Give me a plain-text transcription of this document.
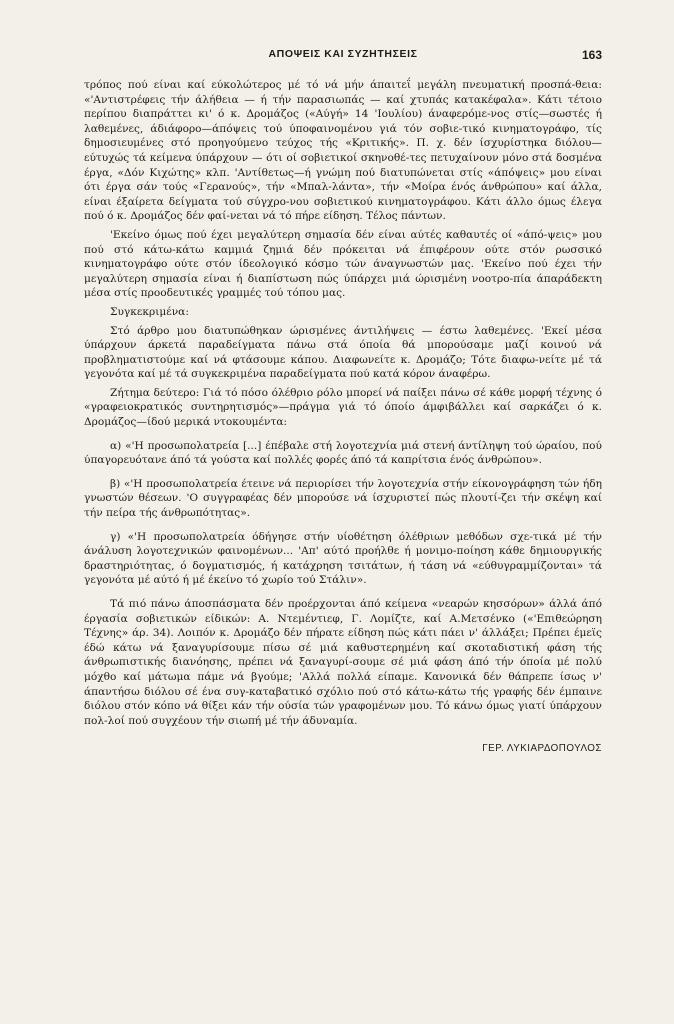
ΑΠΟΨΕΙΣ ΚΑΙ ΣΥΖΗΤΗΣΕΙΣ	163

τρόπος πού είναι καί εύκολώτερος μέ τό νά μήν άπαιτεΐ μεγάλη πνευματική προσπά-θεια: «'Αντιστρέφεις τήν άλήθεια — ή τήν παρασιωπάς — καί χτυπάς κατακέφαλα». Κάτι τέτοιο περίπου διαπράττει κι' ό κ. Δρομάζος («Αύγή» 14 'Ιουλίου) άναφερόμε-νος στίς—σωστές ή λαθεμένες, άδιάφορο—άπόψεις τού ύποφαινομένου γιά τόν σοβιε-τικό κινηματογράφο, τίς δημοσιευμένες στό προηγούμενο τεύχος τής «Κριτικής». Π. χ. δέν ίσχυρίστηκα διόλου—εύτυχώς τά κείμενα ύπάρχουν — ότι οί σοβιετικοί σκηνοθέ-τες πετυχαίνουν μόνο στά δοσμένα έργα, «Δόν Κιχώτης» κλπ. 'Αντίθετως—ή γνώμη πού διατυπώνεται στίς «άπόψεις» μου είναι ότι έργα σάν τούς «Γερανούς», τήν «Μπαλ-λάντα», τήν «Μοίρα ένός άνθρώπου» καί άλλα, είναι έξαίρετα δείγματα τού σύγχρο-νου σοβιετικού κινηματογράφου. Κάτι άλλο όμως έλεγα πού ό κ. Δρομάζος δέν φαί-νεται νά τό πήρε είδηση. Τέλος πάντων.

'Εκείνο όμως πού έχει μεγαλύτερη σημασία δέν είναι αύτές καθαυτές οί «άπό-ψεις» μου πού στό κάτω-κάτω καμμιά ζημιά δέν πρόκειται νά έπιφέρουν ούτε στόν ρωσσικό κινηματογράφο ούτε στόν ίδεολογικό κόσμο τών άναγνωστών μας. 'Εκείνο πού έχει τήν μεγαλύτερη σημασία είναι ή διαπίστωση πώς ύπάρχει μιά ώρισμένη νοοτρο-πία άπαράδεκτη μέσα στίς προοδευτικές γραμμές τού τόπου μας.

Συγκεκριμένα:

Στό άρθρο μου διατυπώθηκαν ώρισμένες άντιλήψεις — έστω λαθεμένες. 'Εκεί μέσα ύπάρχουν άρκετά παραδείγματα πάνω στά όποία θά μπορούσαμε μαζί κοινού νά προβληματιστούμε καί νά φτάσουμε κάπου. Διαφωνείτε κ. Δρομάζο; Τότε διαφω-νείτε μέ τά γεγονότα καί μέ τά συγκεκριμένα παραδείγματα πού κατά κόρον άναφέρω.

Ζήτημα δεύτερο: Γιά τό πόσο όλέθριο ρόλο μπορεί νά παίξει πάνω σέ κάθε μορφή τέχνης ό «γραφειοκρατικός συντηρητισμός»—πράγμα γιά τό όποίο άμφιβάλλει καί σαρκάζει ό κ. Δρομάζος—ίδού μερικά ντοκουμέντα:

α) «'Η προσωπολατρεία [...] έπέβαλε στή λογοτεχνία μιά στενή άντίληψη τού ώραίου, πού ύπαγορευότανε άπό τά γούστα καί πολλές φορές άπό τά καπρίτσια ένός άνθρώπου».

β) «'Η προσωπολατρεία έτεινε νά περιορίσει τήν λογοτεχνία στήν είκονογράφηση τών ήδη γνωστών θέσεων. 'Ο συγγραφέας δέν μπορούσε νά ίσχυριστεί πώς πλουτί-ζει τήν σκέψη καί τήν πείρα τής άνθρωπότητας».

γ) «'Η προσωπολατρεία όδήγησε στήν υίοθέτηση όλέθριων μεθόδων σχε-τικά μέ τήν άνάλυση λογοτεχνικών φαινομένων... 'Απ' αύτό προήλθε ή μονιμο-ποίηση κάθε δημιουργικής δραστηριότητας, ό δογματισμός, ή κατάχρηση τσιτάτων, ή τάση νά «εύθυγραμμίζονται» τά γεγονότα μέ αύτό ή μέ έκείνο τό χωρίο τού Στάλιν».

Τά πιό πάνω άποσπάσματα δέν προέρχονται άπό κείμενα «νεαρών κησσόρων» άλλά άπό έργασία σοβιετικών είδικών: Α. Ντεμέντιεφ, Γ. Λομίζτε, καί Α.Μετσένκο («'Επιθεώρηση Τέχνης» άρ. 34). Λοιπόν κ. Δρομάζο δέν πήρατε είδηση πώς κάτι πάει ν' άλλάξει; Πρέπει έμεϊς έδώ κάτω νά ξαναγυρίσουμε πίσω σέ μιά καθυστερημένη καί σκοταδιστική φάση τής άνθρωπιστικής διανόησης, πρέπει νά ξαναγυρί-σουμε σέ μιά φάση άπό τήν όποία μέ πολύ μόχθο καί μάτωμα πάμε νά βγούμε; 'Αλλά πολλά είπαμε. Κανονικά δέν θάπρεπε ίσως ν' άπαντήσω διόλου σέ ένα συγ-καταβατικό σχόλιο πού στό κάτω-κάτω τής γραφής δέν έμπαινε διόλου στόν κόπο νά θίξει κάν τήν ούσία τών γραφομένων μου. Τό κάνω όμως γιατί ύπάρχουν πολ-λοί πού συγχέουν τήν σιωπή μέ τήν άδυναμία.

ΓΕΡ. ΛΥΚΙΑΡΔΟΠΟΥΛΟΣ
